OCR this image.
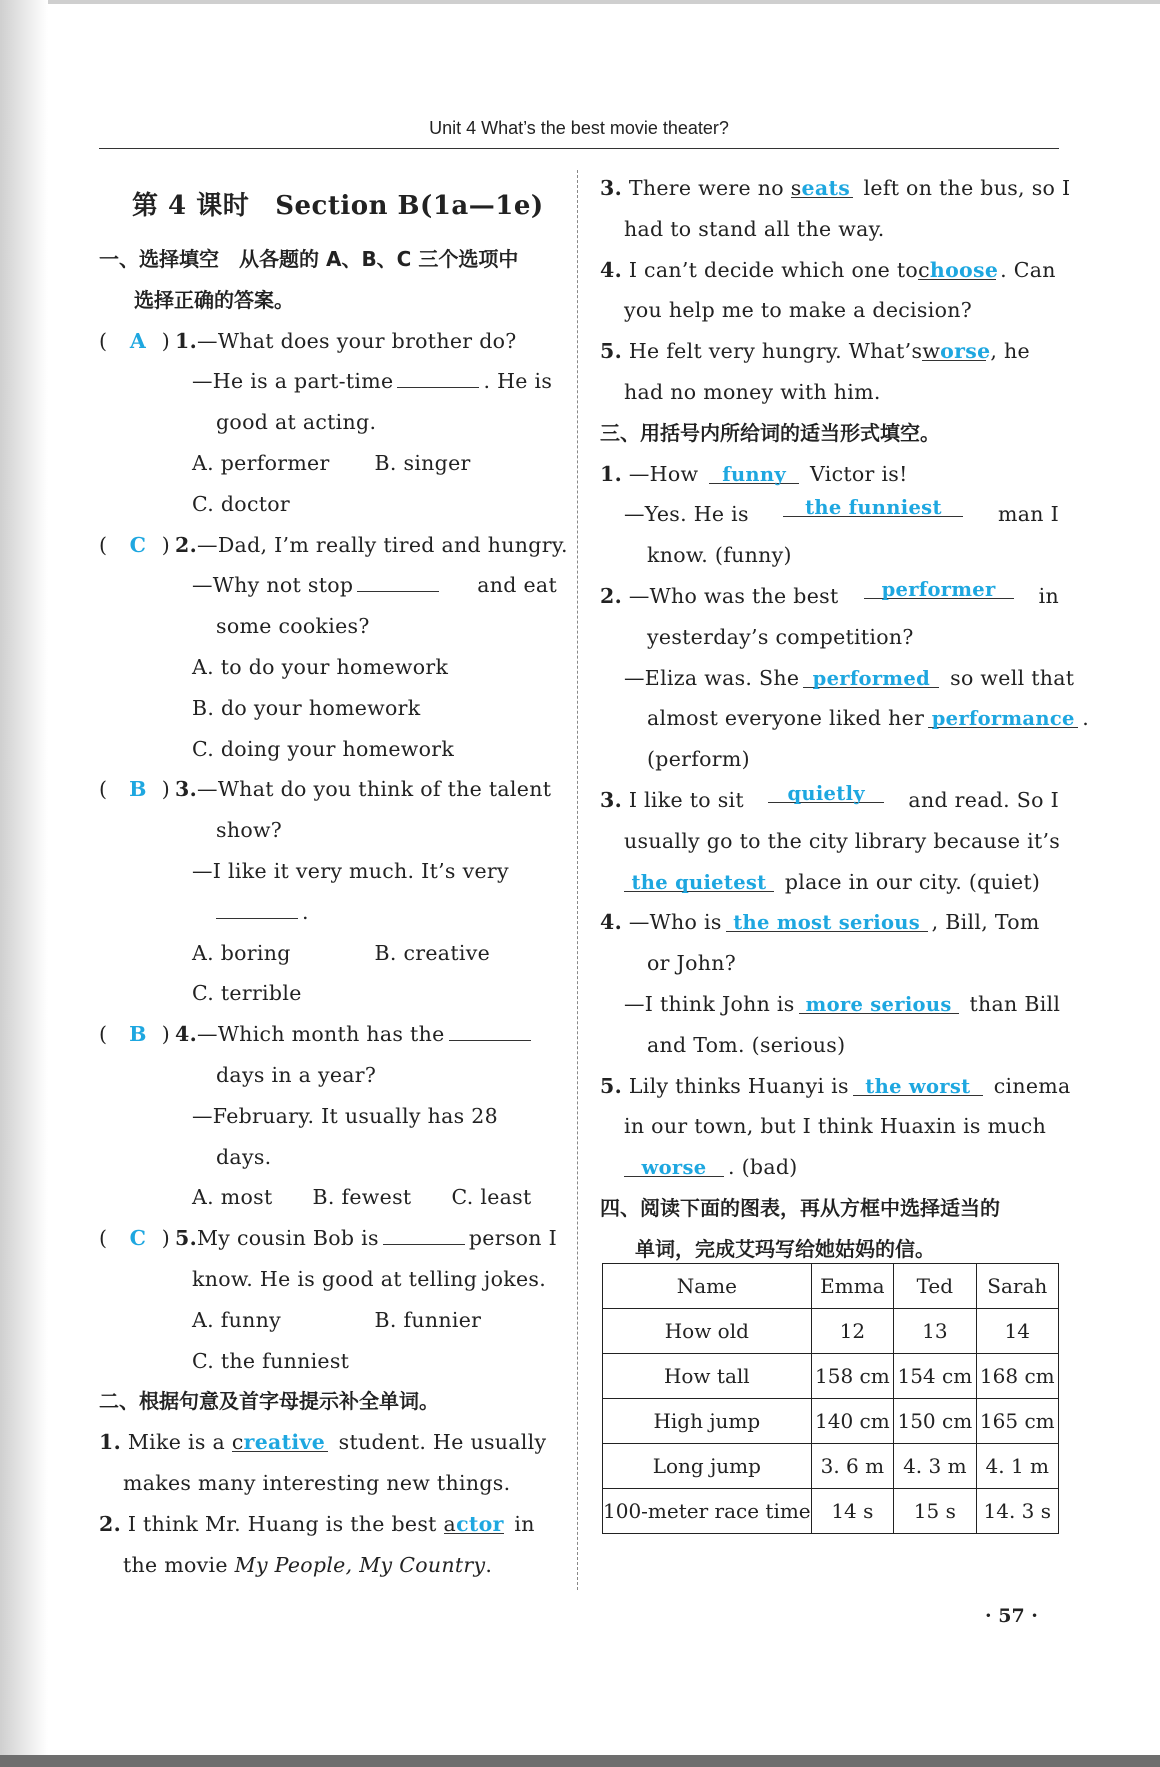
Unit 4 What’s the best movie theater?
第 4 课时 Section B(1a—1e)
一、选择填空　从各题的 A、B、C 三个选项中
选择正确的答案。
(  A ) 1.—What does your brother do?
—He is a part-time	. He is
good at acting.
A. performer	B. singer
C. doctor
(  C ) 2.—Dad, I’m really tired and hungry.
—Why not stop	and eat
some cookies?
A. to do your homework
B. do your homework
C. doing your homework
(  B ) 3.—What do you think of the talent
show?
—I like it very much. It’s very
.
A. boring	B. creative
C. terrible
(  B ) 4.—Which month has the
days in a year?
—February. It usually has 28
days.
A. most B. fewest C. least
(  C ) 5.My cousin Bob is	person I
know. He is good at telling jokes.
A. funny	B. funnier
C. the funniest
二、根据句意及首字母提示补全单词。
1. Mike is a creative student. He usually
makes many interesting new things.
2. I think Mr. Huang is the best actor in
the movie My People, My Country.
3. There were no seats left on the bus, so I
had to stand all the way.
4. I can’t decide which one tochoose. Can
you help me to make a decision?
5. He felt very hungry. What’sworse, he
had no money with him.
三、用括号内所给词的适当形式填空。
1. —How funny Victor is!
—Yes. He is	the funniest	man I
know. (funny)
2. —Who was the best	performer	in
yesterday’s competition?
—Eliza was. She performed so well that
almost everyone liked her performance .
(perform)
3. I like to sit	quietly	and read. So I
usually go to the city library because it’s
the quietest place in our city. (quiet)
4. —Who is the most serious , Bill, Tom
or John?
—I think John is more serious than Bill
and Tom. (serious)
5. Lily thinks Huanyi is the worst cinema
in our town, but I think Huaxin is much
worse . (bad)
四、阅读下面的图表，再从方框中选择适当的
单词，完成艾玛写给她姑妈的信。
Name	Emma	Ted	Sarah
How old	12	13	14
How tall	158 cm	154 cm	168 cm
High jump	140 cm	150 cm	165 cm
Long jump	3. 6 m	4. 3 m	4. 1 m
100-meter race time	14 s	15 s	14. 3 s
· 57 ·
